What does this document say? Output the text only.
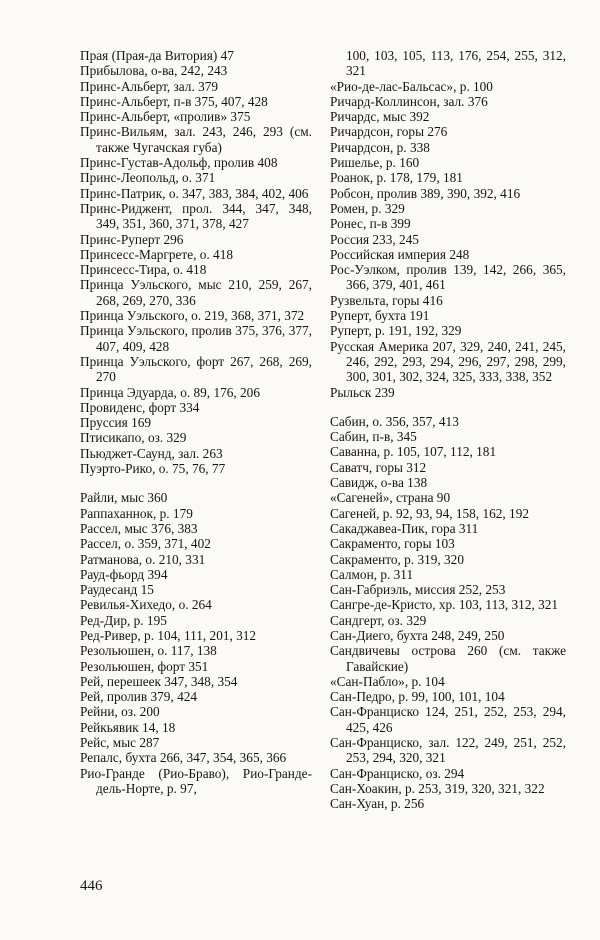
Прая (Прая-да Витория) 47
Прибылова, о-ва, 242, 243
Принс-Альберт, зал. 379
Принс-Альберт, п-в 375, 407, 428
Принс-Альберт, «пролив» 375
Принс-Вильям, зал. 243, 246, 293 (см. также Чугачская губа)
Принс-Густав-Адольф, пролив 408
Принс-Леопольд, о. 371
Принс-Патрик, о. 347, 383, 384, 402, 406
Принс-Риджент, прол. 344, 347, 348, 349, 351, 360, 371, 378, 427
Принс-Руперт 296
Принсесс-Маргрете, о. 418
Принсесс-Тира, о. 418
Принца Уэльского, мыс 210, 259, 267, 268, 269, 270, 336
Принца Уэльского, о. 219, 368, 371, 372
Принца Уэльского, пролив 375, 376, 377, 407, 409, 428
Принца Уэльского, форт 267, 268, 269, 270
Принца Эдуарда, о. 89, 176, 206
Провиденс, форт 334
Пруссия 169
Птисикапо, оз. 329
Пьюджет-Саунд, зал. 263
Пуэрто-Рико, о. 75, 76, 77
Райли, мыс 360
Раппаханнок, р. 179
Рассел, мыс 376, 383
Рассел, о. 359, 371, 402
Ратманова, о. 210, 331
Рауд-фьорд 394
Раудесанд 15
Ревилья-Хихедо, о. 264
Ред-Дир, р. 195
Ред-Ривер, р. 104, 111, 201, 312
Резольюшен, о. 117, 138
Резольюшен, форт 351
Рей, перешеек 347, 348, 354
Рей, пролив 379, 424
Рейни, оз. 200
Рейкьявик 14, 18
Рейс, мыс 287
Репалс, бухта 266, 347, 354, 365, 366
Рио-Гранде (Рио-Браво), Рио-Гранде-дель-Норте, р. 97,
100, 103, 105, 113, 176, 254, 255, 312, 321
«Рио-де-лас-Бальсас», р. 100
Ричард-Коллинсон, зал. 376
Ричардс, мыс 392
Ричардсон, горы 276
Ричардсон, р. 338
Ришелье, р. 160
Роанок, р. 178, 179, 181
Робсон, пролив 389, 390, 392, 416
Ромен, р. 329
Ронес, п-в 399
Россия 233, 245
Российская империя 248
Рос-Уэлком, пролив 139, 142, 266, 365, 366, 379, 401, 461
Рузвельта, горы 416
Руперт, бухта 191
Руперт, р. 191, 192, 329
Русская Америка 207, 329, 240, 241, 245, 246, 292, 293, 294, 296, 297, 298, 299, 300, 301, 302, 324, 325, 333, 338, 352
Рыльск 239
Сабин, о. 356, 357, 413
Сабин, п-в, 345
Саванна, р. 105, 107, 112, 181
Саватч, горы 312
Савидж, о-ва 138
«Сагеней», страна 90
Сагеней, р. 92, 93, 94, 158, 162, 192
Сакаджавеа-Пик, гора 311
Сакраменто, горы 103
Сакраменто, р. 319, 320
Салмон, р. 311
Сан-Габриэль, миссия 252, 253
Сангре-де-Кристо, хр. 103, 113, 312, 321
Сандгерт, оз. 329
Сан-Диего, бухта 248, 249, 250
Сандвичевы острова 260 (см. также Гавайские)
«Сан-Пабло», р. 104
Сан-Педро, р. 99, 100, 101, 104
Сан-Франциско 124, 251, 252, 253, 294, 425, 426
Сан-Франциско, зал. 122, 249, 251, 252, 253, 294, 320, 321
Сан-Франциско, оз. 294
Сан-Хоакин, р. 253, 319, 320, 321, 322
Сан-Хуан, р. 256
446
